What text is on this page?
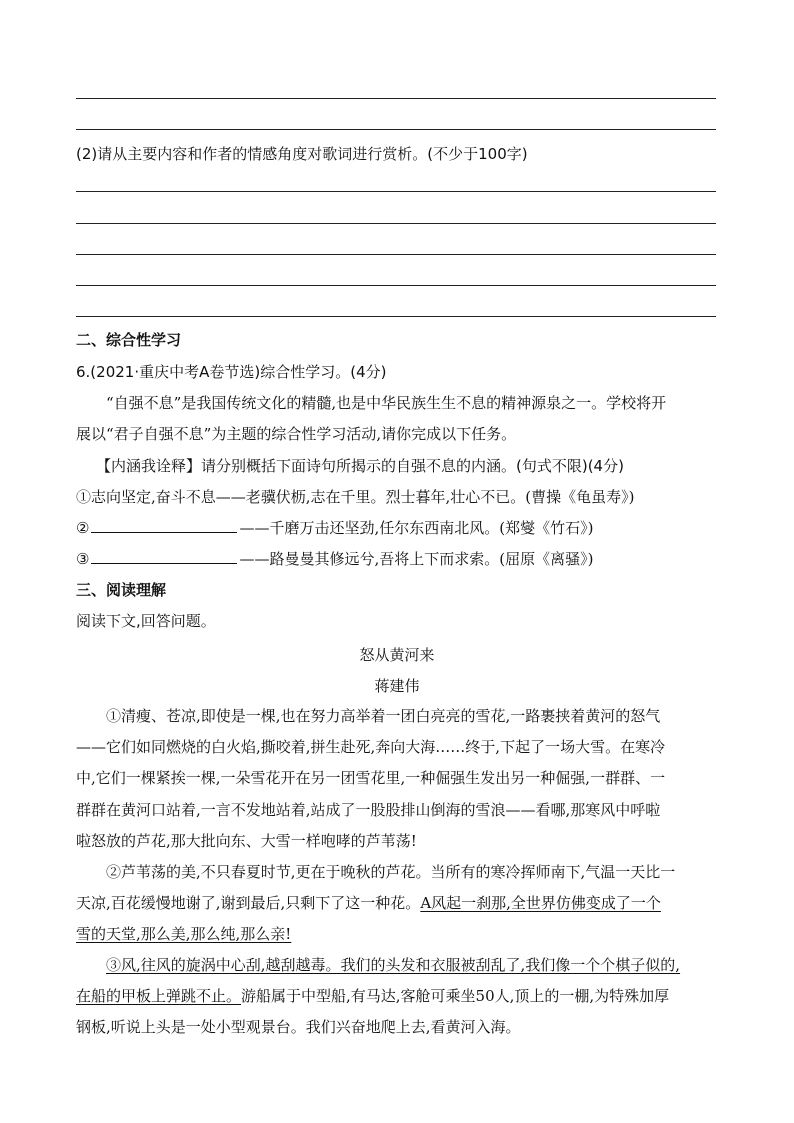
(2)请从主要内容和作者的情感角度对歌词进行赏析。(不少于100字)
二、综合性学习
6.(2021·重庆中考A卷节选)综合性学习。(4分)
“自强不息”是我国传统文化的精髓,也是中华民族生生不息的精神源泉之一。学校将开
展以“君子自强不息”为主题的综合性学习活动,请你完成以下任务。
【内涵我诠释】请分别概括下面诗句所揭示的自强不息的内涵。(句式不限)(4分)
①志向坚定,奋斗不息——老骥伏枥,志在千里。烈士暮年,壮心不已。(曹操《龟虽寿》)
②	——千磨万击还坚劲,任尔东西南北风。(郑燮《竹石》)
③	——路曼曼其修远兮,吾将上下而求索。(屈原《离骚》)
三、阅读理解
阅读下文,回答问题。
怒从黄河来
蒋建伟
①清瘦、苍凉,即使是一棵,也在努力高举着一团白亮亮的雪花,一路裹挟着黄河的怒气
——它们如同燃烧的白火焰,撕咬着,拼生赴死,奔向大海……终于,下起了一场大雪。在寒冷
中,它们一棵紧挨一棵,一朵雪花开在另一团雪花里,一种倔强生发出另一种倔强,一群群、一
群群在黄河口站着,一言不发地站着,站成了一股股排山倒海的雪浪——看哪,那寒风中呼啦
啦怒放的芦花,那大批向东、大雪一样咆哮的芦苇荡!
②芦苇荡的美,不只春夏时节,更在于晚秋的芦花。当所有的寒冷挥师南下,气温一天比一
天凉,百花缓慢地谢了,谢到最后,只剩下了这一种花。A风起一刹那,全世界仿佛变成了一个
雪的天堂,那么美,那么纯,那么亲!
③风,往风的旋涡中心刮,越刮越毒。我们的头发和衣服被刮乱了,我们像一个个棋子似的,
在船的甲板上弹跳不止。游船属于中型船,有马达,客舱可乘坐50人,顶上的一棚,为特殊加厚
钢板,听说上头是一处小型观景台。我们兴奋地爬上去,看黄河入海。
